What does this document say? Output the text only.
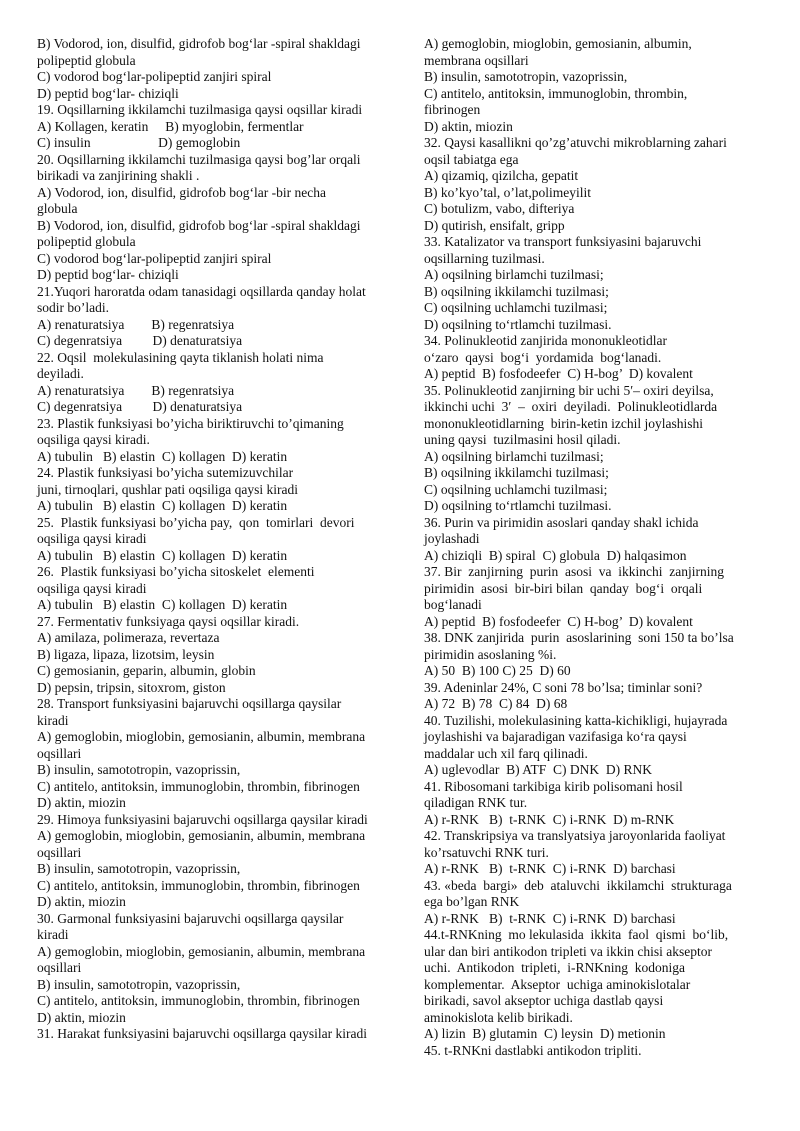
B) Vodorod, ion, disulfid, gidrofob bog‘lar -spiral shakldagi
polipeptid globula
C) vodorod bog‘lar-polipeptid zanjiri spiral
D) peptid bog‘lar- chiziqli
19. Oqsillarning ikkilamchi tuzilmasiga qaysi oqsillar kiradi
A) Kollagen, keratin     B) myoglobin, fermentlar
C) insulin                    D) gemoglobin
20. Oqsillarning ikkilamchi tuzilmasiga qaysi bog’lar orqali
birikadi va zanjirining shakli .
A) Vodorod, ion, disulfid, gidrofob bog‘lar -bir necha
globula
B) Vodorod, ion, disulfid, gidrofob bog‘lar -spiral shakldagi
polipeptid globula
C) vodorod bog‘lar-polipeptid zanjiri spiral
D) peptid bog‘lar- chiziqli
21.Yuqori haroratda odam tanasidagi oqsillarda qanday holat
sodir bo’ladi.
A) renaturatsiya        B) regenratsiya
C) degenratsiya         D) denaturatsiya
22. Oqsil  molekulasining qayta tiklanish holati nima
deyiladi.
A) renaturatsiya        B) regenratsiya
C) degenratsiya         D) denaturatsiya
23. Plastik funksiyasi bo’yicha biriktiruvchi to’qimaning
oqsiliga qaysi kiradi.
A) tubulin   B) elastin  C) kollagen  D) keratin
24. Plastik funksiyasi bo’yicha sutemizuvchilar
juni, tirnoqlari, qushlar pati oqsiliga qaysi kiradi
A) tubulin   B) elastin  C) kollagen  D) keratin
25.  Plastik funksiyasi bo’yicha pay,  qon  tomirlari  devori
oqsiliga qaysi kiradi
A) tubulin   B) elastin  C) kollagen  D) keratin
26.  Plastik funksiyasi bo’yicha sitoskelet  elementi
oqsiliga qaysi kiradi
A) tubulin   B) elastin  C) kollagen  D) keratin
27. Fermentativ funksiyaga qaysi oqsillar kiradi.
A) amilaza, polimeraza, revertaza
B) ligaza, lipaza, lizotsim, leysin
C) gemosianin, geparin, albumin, globin
D) pepsin, tripsin, sitoxrom, giston
28. Transport funksiyasini bajaruvchi oqsillarga qaysilar
kiradi
A) gemoglobin, mioglobin, gemosianin, albumin, membrana
oqsillari
B) insulin, samototropin, vazoprissin,
C) antitelo, antitoksin, immunoglobin, thrombin, fibrinogen
D) aktin, miozin
29. Himoya funksiyasini bajaruvchi oqsillarga qaysilar kiradi
A) gemoglobin, mioglobin, gemosianin, albumin, membrana
oqsillari
B) insulin, samototropin, vazoprissin,
C) antitelo, antitoksin, immunoglobin, thrombin, fibrinogen
D) aktin, miozin
30. Garmonal funksiyasini bajaruvchi oqsillarga qaysilar
kiradi
A) gemoglobin, mioglobin, gemosianin, albumin, membrana
oqsillari
B) insulin, samototropin, vazoprissin,
C) antitelo, antitoksin, immunoglobin, thrombin, fibrinogen
D) aktin, miozin
31. Harakat funksiyasini bajaruvchi oqsillarga qaysilar kiradi
A) gemoglobin, mioglobin, gemosianin, albumin,
membrana oqsillari
B) insulin, samototropin, vazoprissin,
C) antitelo, antitoksin, immunoglobin, thrombin,
fibrinogen
D) aktin, miozin
32. Qaysi kasallikni qo’zg’atuvchi mikroblarning zahari
oqsil tabiatga ega
A) qizamiq, qizilcha, gepatit
B) ko’kyo’tal, o’lat,polimeyilit
C) botulizm, vabo, difteriya
D) qutirish, ensifalt, gripp
33. Katalizator va transport funksiyasini bajaruvchi
oqsillarning tuzilmasi.
A) oqsilning birlamchi tuzilmasi;
B) oqsilning ikkilamchi tuzilmasi;
C) oqsilning uchlamchi tuzilmasi;
D) oqsilning to‘rtlamchi tuzilmasi.
34. Polinukleotid zanjirida mononukleotidlar
o‘zaro  qaysi  bog‘i  yordamida  bog‘lanadi.
A) peptid  B) fosfodeefer  C) H-bog’  D) kovalent
35. Polinukleotid zanjirning bir uchi 5′– oxiri deyilsa,
ikkinchi uchi  3′  –  oxiri  deyiladi.  Polinukleotidlarda
mononukleotidlarning  birin-ketin izchil joylashishi
uning qaysi  tuzilmasini hosil qiladi.
A) oqsilning birlamchi tuzilmasi;
B) oqsilning ikkilamchi tuzilmasi;
C) oqsilning uchlamchi tuzilmasi;
D) oqsilning to‘rtlamchi tuzilmasi.
36. Purin va pirimidin asoslari qanday shakl ichida
joylashadi
A) chiziqli  B) spiral  C) globula  D) halqasimon
37. Bir  zanjirning  purin  asosi  va  ikkinchi  zanjirning
pirimidin  asosi  bir-biri bilan  qanday  bog‘i  orqali
bog‘lanadi
A) peptid  B) fosfodeefer  C) H-bog’  D) kovalent
38. DNK zanjirida  purin  asoslarining  soni 150 ta bo’lsa
pirimidin asoslaning %i.
A) 50  B) 100 C) 25  D) 60
39. Adeninlar 24%, C soni 78 bo’lsa; timinlar soni?
A) 72  B) 78  C) 84  D) 68
40. Tuzilishi, molekulasining katta-kichikligi, hujayrada
joylashishi va bajaradigan vazifasiga ko‘ra qaysi
maddalar uch xil farq qilinadi.
A) uglevodlar  B) ATF  C) DNK  D) RNK
41. Ribosomani tarkibiga kirib polisomani hosil
qiladigan RNK tur.
A) r-RNK   B)  t-RNK  C) i-RNK  D) m-RNK
42. Transkripsiya va translyatsiya jaroyonlarida faoliyat
ko’rsatuvchi RNK turi.
A) r-RNK   B)  t-RNK  C) i-RNK  D) barchasi
43. «beda  bargi»  deb  ataluvchi  ikkilamchi  strukturaga
ega bo’lgan RNK
A) r-RNK   B)  t-RNK  C) i-RNK  D) barchasi
44.t-RNKning  mo lekulasida  ikkita  faol  qismi  bo‘lib,
ular dan biri antikodon tripleti va ikkin chisi akseptor
uchi.  Antikodon  tripleti,  i-RNKning  kodoniga
komplementar.  Akseptor  uchiga aminokislotalar
birikadi, savol akseptor uchiga dastlab qaysi
aminokislota kelib birikadi.
A) lizin  B) glutamin  C) leysin  D) metionin
45. t-RNKni dastlabki antikodon tripliti.
